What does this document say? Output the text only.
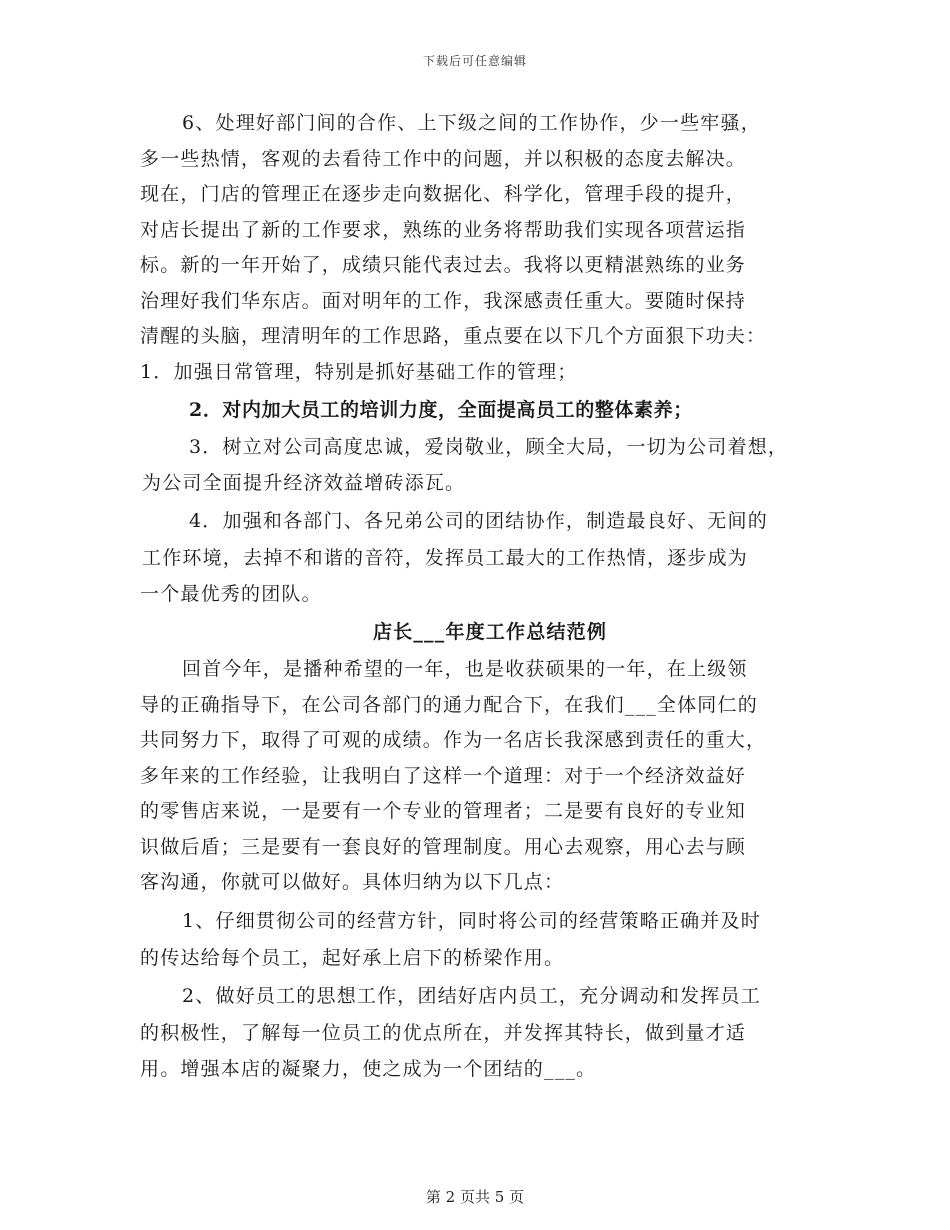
下载后可任意编辑
6、处理好部门间的合作、上下级之间的工作协作，少一些牢骚，
多一些热情，客观的去看待工作中的问题，并以积极的态度去解决。
现在，门店的管理正在逐步走向数据化、科学化，管理手段的提升，
对店长提出了新的工作要求，熟练的业务将帮助我们实现各项营运指
标。新的一年开始了，成绩只能代表过去。我将以更精湛熟练的业务
治理好我们华东店。面对明年的工作，我深感责任重大。要随时保持
清醒的头脑，理清明年的工作思路，重点要在以下几个方面狠下功夫：
1．加强日常管理，特别是抓好基础工作的管理；
2．对内加大员工的培训力度，全面提高员工的整体素养；
3．树立对公司高度忠诚，爱岗敬业，顾全大局，一切为公司着想，
为公司全面提升经济效益增砖添瓦。
4．加强和各部门、各兄弟公司的团结协作，制造最良好、无间的
工作环境，去掉不和谐的音符，发挥员工最大的工作热情，逐步成为
一个最优秀的团队。
店长___年度工作总结范例
回首今年，是播种希望的一年，也是收获硕果的一年，在上级领
导的正确指导下，在公司各部门的通力配合下，在我们___全体同仁的
共同努力下，取得了可观的成绩。作为一名店长我深感到责任的重大，
多年来的工作经验，让我明白了这样一个道理：对于一个经济效益好
的零售店来说，一是要有一个专业的管理者；二是要有良好的专业知
识做后盾；三是要有一套良好的管理制度。用心去观察，用心去与顾
客沟通，你就可以做好。具体归纳为以下几点：
1、仔细贯彻公司的经营方针，同时将公司的经营策略正确并及时
的传达给每个员工，起好承上启下的桥梁作用。
2、做好员工的思想工作，团结好店内员工，充分调动和发挥员工
的积极性，了解每一位员工的优点所在，并发挥其特长，做到量才适
用。增强本店的凝聚力，使之成为一个团结的___。
第 2 页共 5 页
